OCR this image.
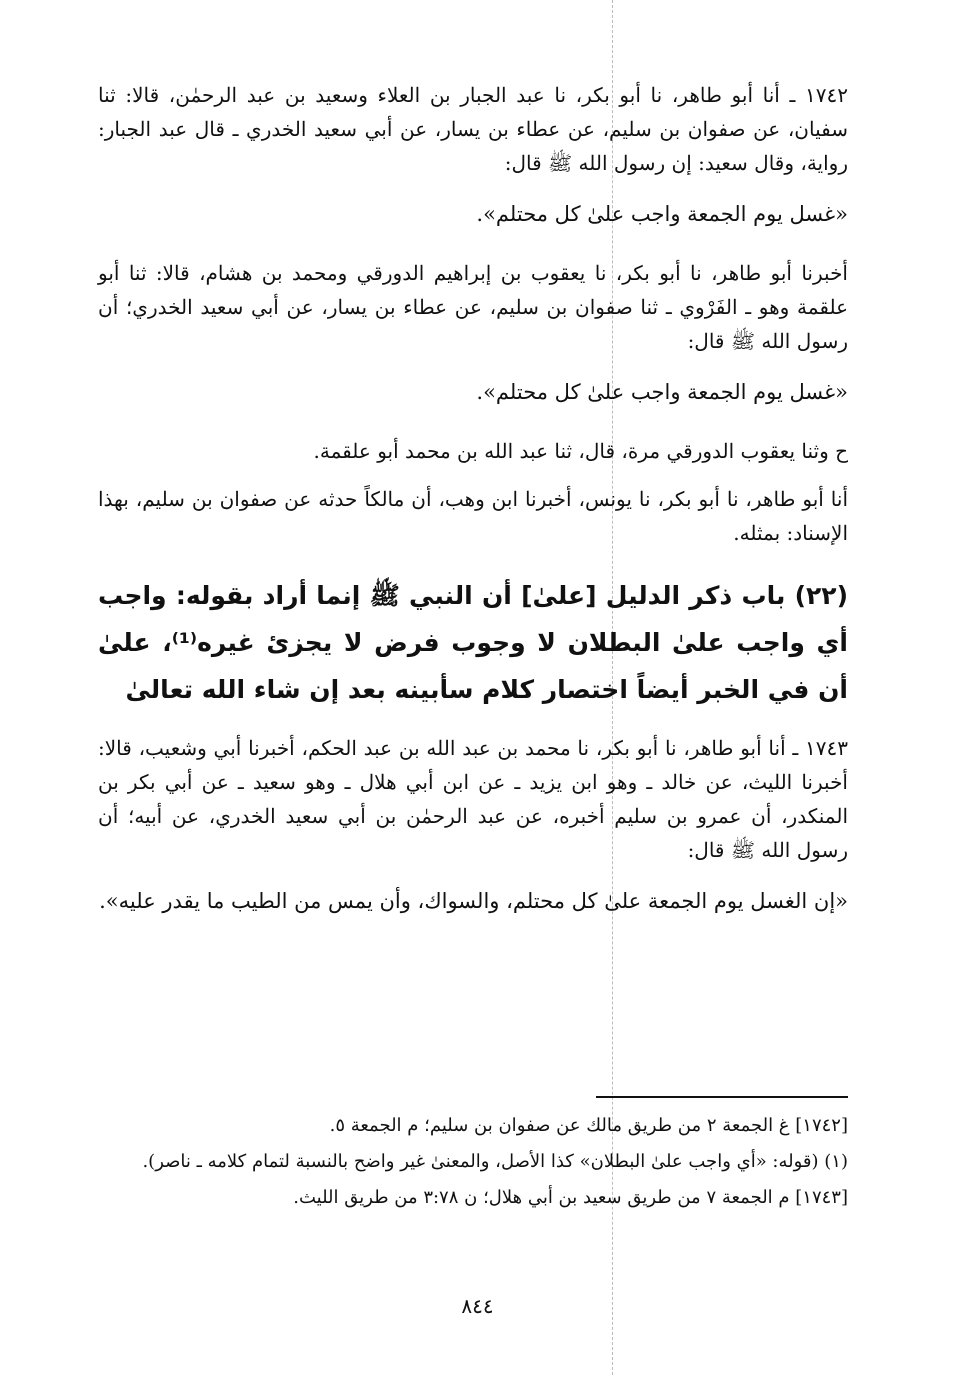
١٧٤٢ ـ أنا أبو طاهر، نا أبو بكر، نا عبد الجبار بن العلاء وسعيد بن عبد الرحمٰن، قالا: ثنا سفيان، عن صفوان بن سليم، عن عطاء بن يسار، عن أبي سعيد الخدري ـ قال عبد الجبار: رواية، وقال سعيد: إن رسول الله ﷺ قال:

«غسل يوم الجمعة واجب علىٰ كل محتلم».

أخبرنا أبو طاهر، نا أبو بكر، نا يعقوب بن إبراهيم الدورقي ومحمد بن هشام، قالا: ثنا أبو علقمة وهو ـ الفَرْوي ـ ثنا صفوان بن سليم، عن عطاء بن يسار، عن أبي سعيد الخدري؛ أن رسول الله ﷺ قال:

«غسل يوم الجمعة واجب علىٰ كل محتلم».

ح وثنا يعقوب الدورقي مرة، قال، ثنا عبد الله بن محمد أبو علقمة.

أنا أبو طاهر، نا أبو بكر، نا يونس، أخبرنا ابن وهب، أن مالكاً حدثه عن صفوان بن سليم، بهذا الإسناد: بمثله.

(٢٢) باب ذكر الدليل [علىٰ] أن النبي ﷺ إنما أراد بقوله: واجب أي واجب علىٰ البطلان لا وجوب فرض لا يجزئ غيره⁽¹⁾، علىٰ أن في الخبر أيضاً اختصار كلام سأبينه بعد إن شاء الله تعالىٰ

١٧٤٣ ـ أنا أبو طاهر، نا أبو بكر، نا محمد بن عبد الله بن عبد الحكم، أخبرنا أبي وشعيب، قالا: أخبرنا الليث، عن خالد ـ وهو ابن يزيد ـ عن ابن أبي هلال ـ وهو سعيد ـ عن أبي بكر بن المنكدر، أن عمرو بن سليم أخبره، عن عبد الرحمٰن بن أبي سعيد الخدري، عن أبيه؛ أن رسول الله ﷺ قال:

«إن الغسل يوم الجمعة علىٰ كل محتلم، والسواك، وأن يمس من الطيب ما يقدر عليه».

[١٧٤٢] غ الجمعة ٢ من طريق مالك عن صفوان بن سليم؛ م الجمعة ٥.

(١) (قوله: «أي واجب علىٰ البطلان» كذا الأصل، والمعنىٰ غير واضح بالنسبة لتمام كلامه ـ ناصر).

[١٧٤٣] م الجمعة ٧ من طريق سعيد بن أبي هلال؛ ن ٣:٧٨ من طريق الليث.

٨٤٤
